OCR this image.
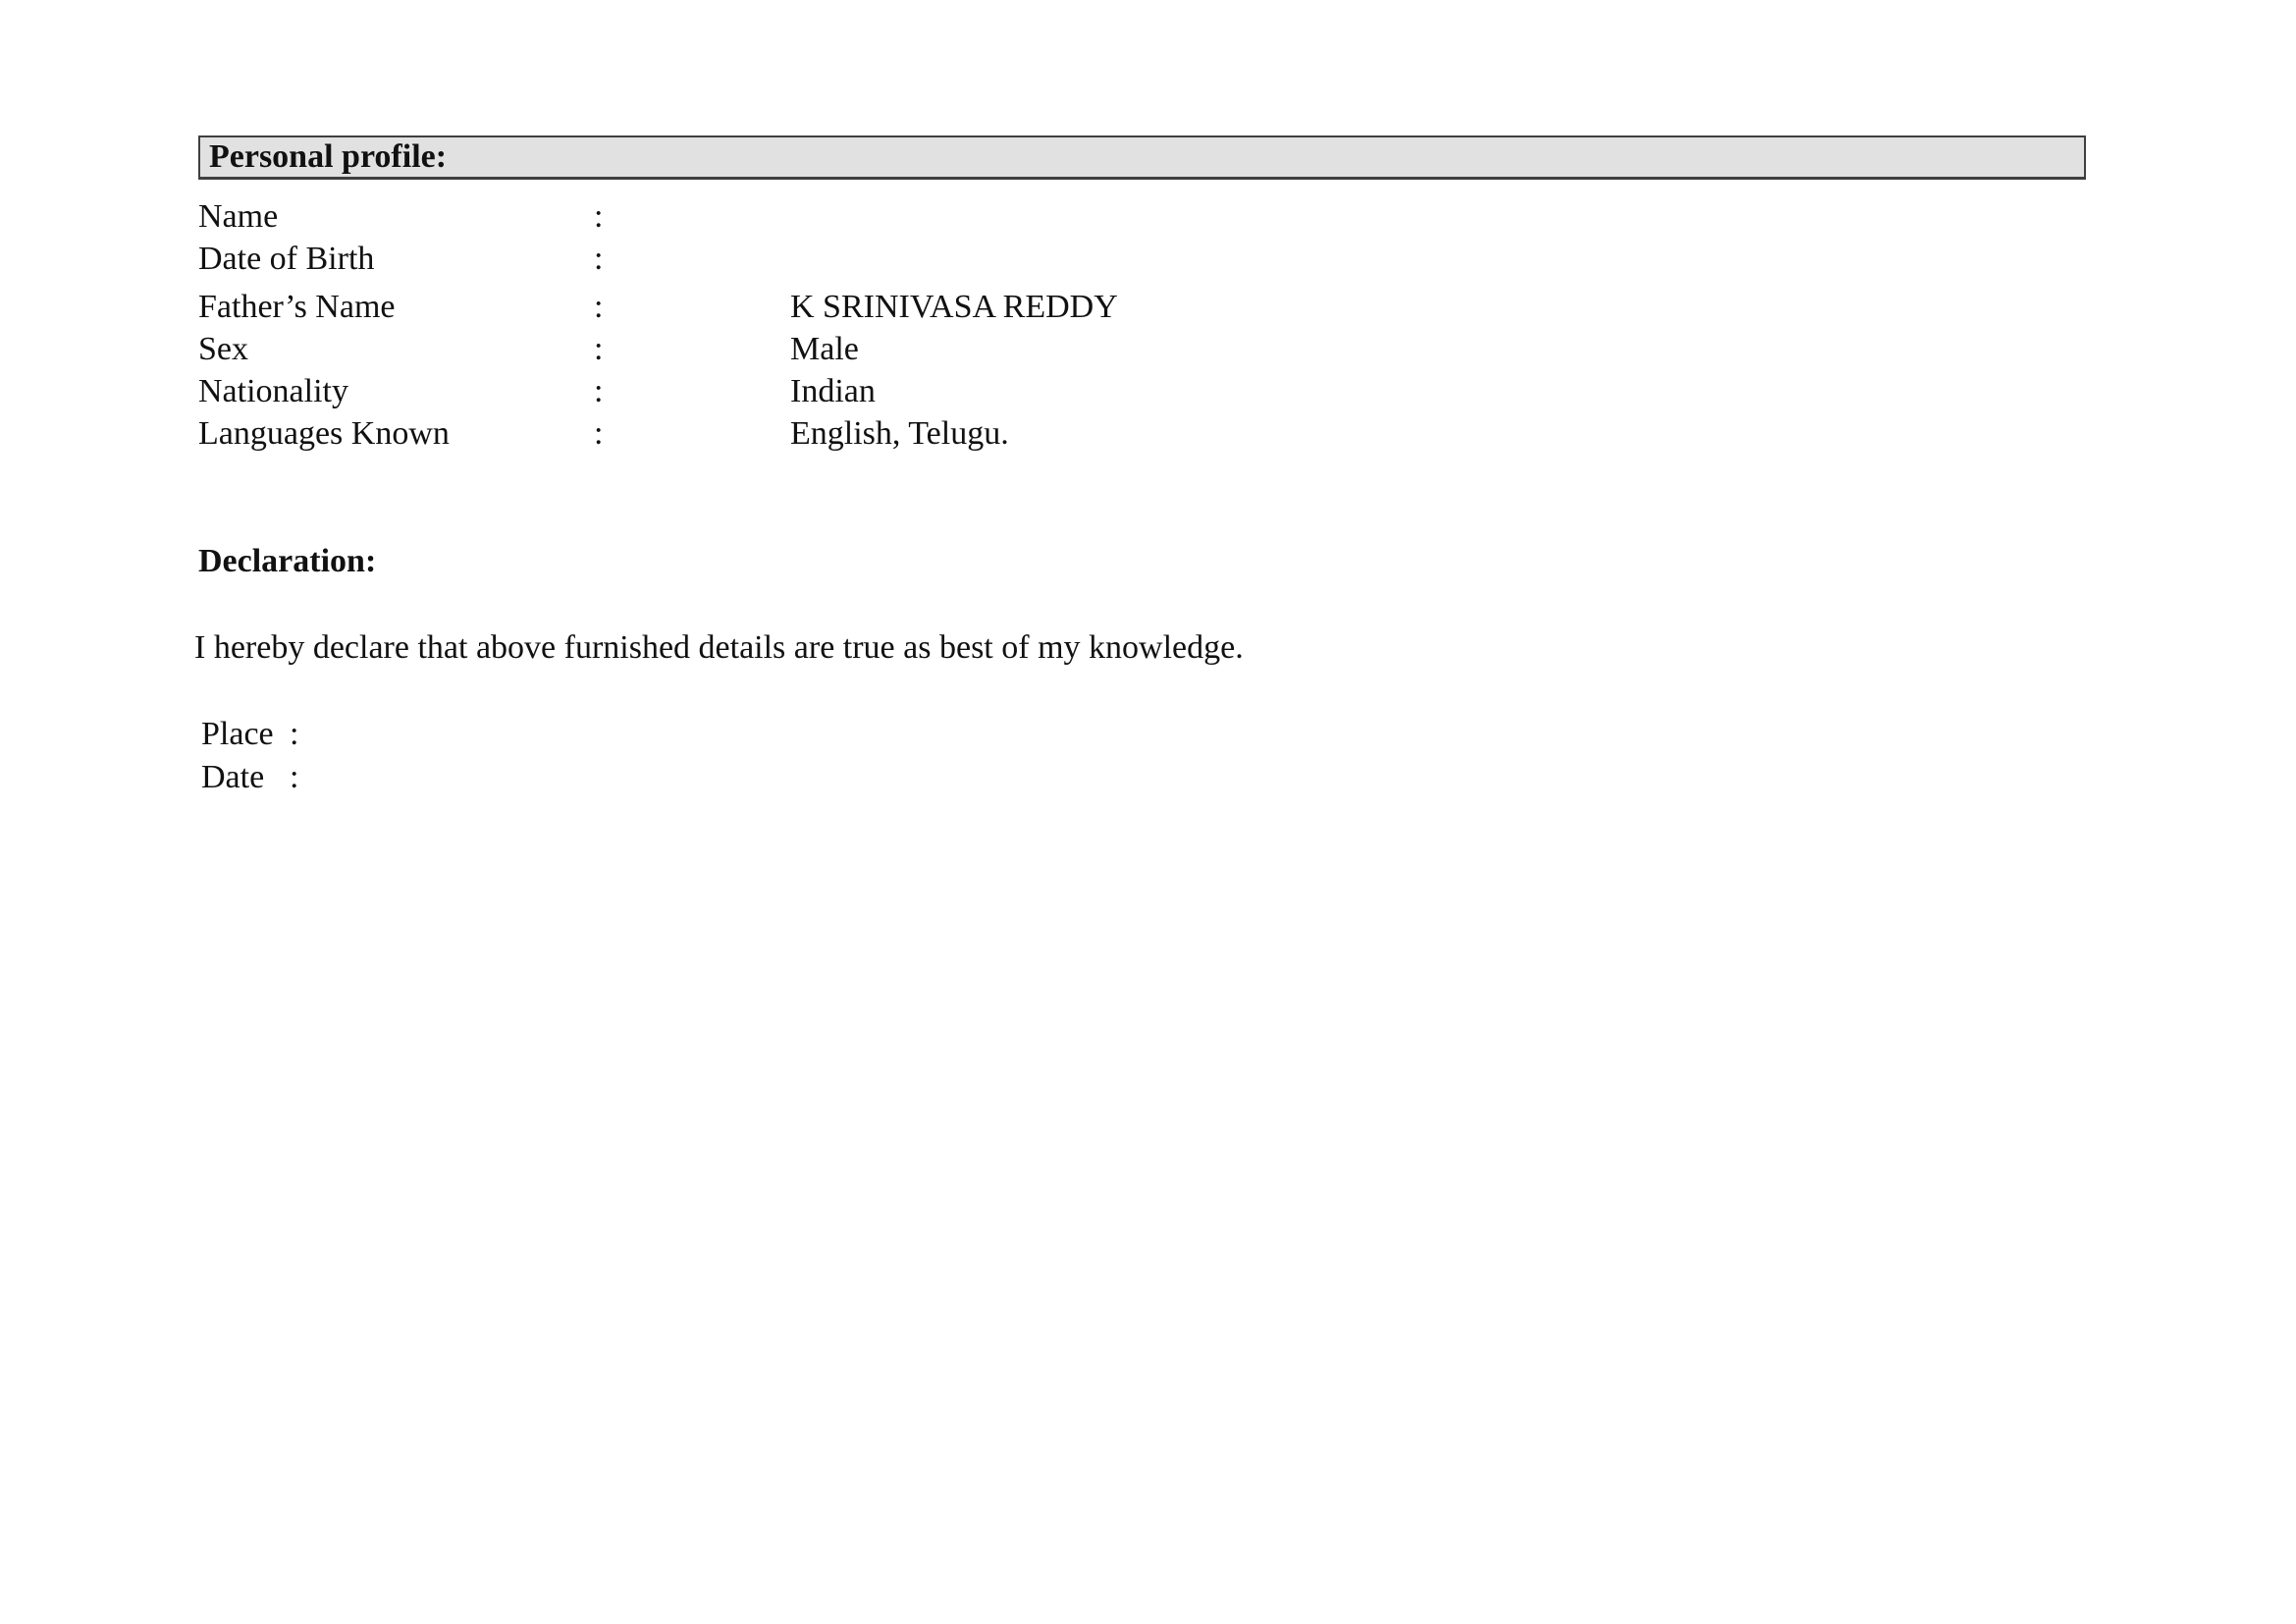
Personal profile:
Name	:
Date of Birth	:
Father’s Name	:	K SRINIVASA REDDY
Sex	:	Male
Nationality	:	Indian
Languages Known	:	English, Telugu.
Declaration:
I hereby declare that above furnished details are true as best of my knowledge.
Place :
Date :
